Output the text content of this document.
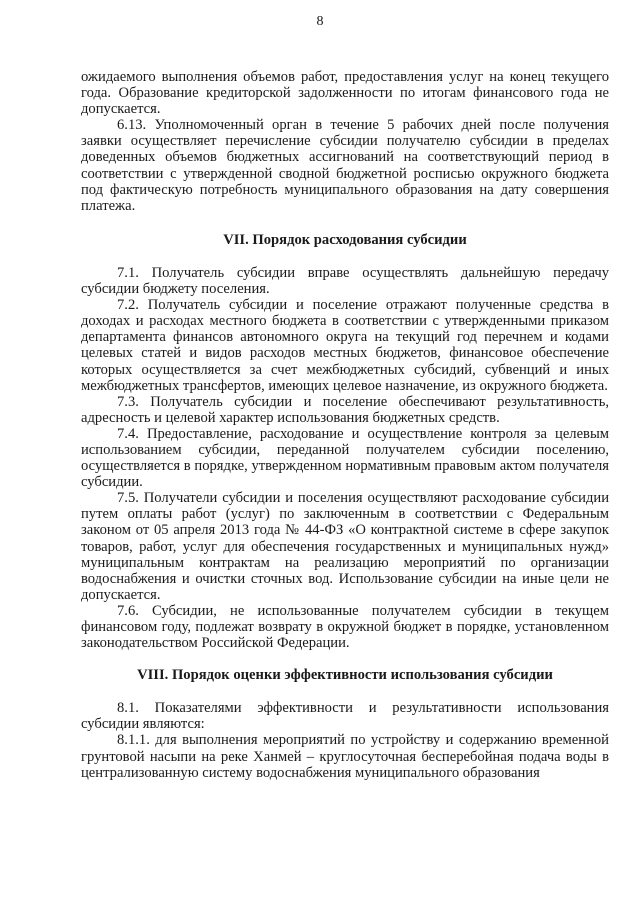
8

ожидаемого выполнения объемов работ, предоставления услуг на конец текущего года. Образование кредиторской задолженности по итогам финансового года не допускается.

6.13. Уполномоченный орган в течение 5 рабочих дней после получения заявки осуществляет перечисление субсидии получателю субсидии в пределах доведенных объемов бюджетных ассигнований на соответствующий период в соответствии с утвержденной сводной бюджетной росписью окружного бюджета под фактическую потребность муниципального образования на дату совершения платежа.

VII. Порядок расходования субсидии

7.1. Получатель субсидии вправе осуществлять дальнейшую передачу субсидии бюджету поселения.

7.2. Получатель субсидии и поселение отражают полученные средства в доходах и расходах местного бюджета в соответствии с утвержденными приказом департамента финансов автономного округа на текущий год перечнем и кодами целевых статей и видов расходов местных бюджетов, финансовое обеспечение которых осуществляется за счет межбюджетных субсидий, субвенций и иных межбюджетных трансфертов, имеющих целевое назначение, из окружного бюджета.

7.3. Получатель субсидии и поселение обеспечивают результативность, адресность и целевой характер использования бюджетных средств.

7.4. Предоставление, расходование и осуществление контроля за целевым использованием субсидии, переданной получателем субсидии поселению, осуществляется в порядке, утвержденном нормативным правовым актом получателя субсидии.

7.5. Получатели субсидии и поселения осуществляют расходование субсидии путем оплаты работ (услуг) по заключенным в соответствии с Федеральным законом от 05 апреля 2013 года № 44-ФЗ «О контрактной системе в сфере закупок товаров, работ, услуг для обеспечения государственных и муниципальных нужд» муниципальным контрактам на реализацию мероприятий по организации водоснабжения и очистки сточных вод. Использование субсидии на иные цели не допускается.

7.6. Субсидии, не использованные получателем субсидии в текущем финансовом году, подлежат возврату в окружной бюджет в порядке, установленном законодательством Российской Федерации.

VIII. Порядок оценки эффективности использования субсидии

8.1. Показателями эффективности и результативности использования субсидии являются:

8.1.1. для выполнения мероприятий по устройству и содержанию временной грунтовой насыпи на реке Ханмей – круглосуточная бесперебойная подача воды в централизованную систему водоснабжения муниципального образования
